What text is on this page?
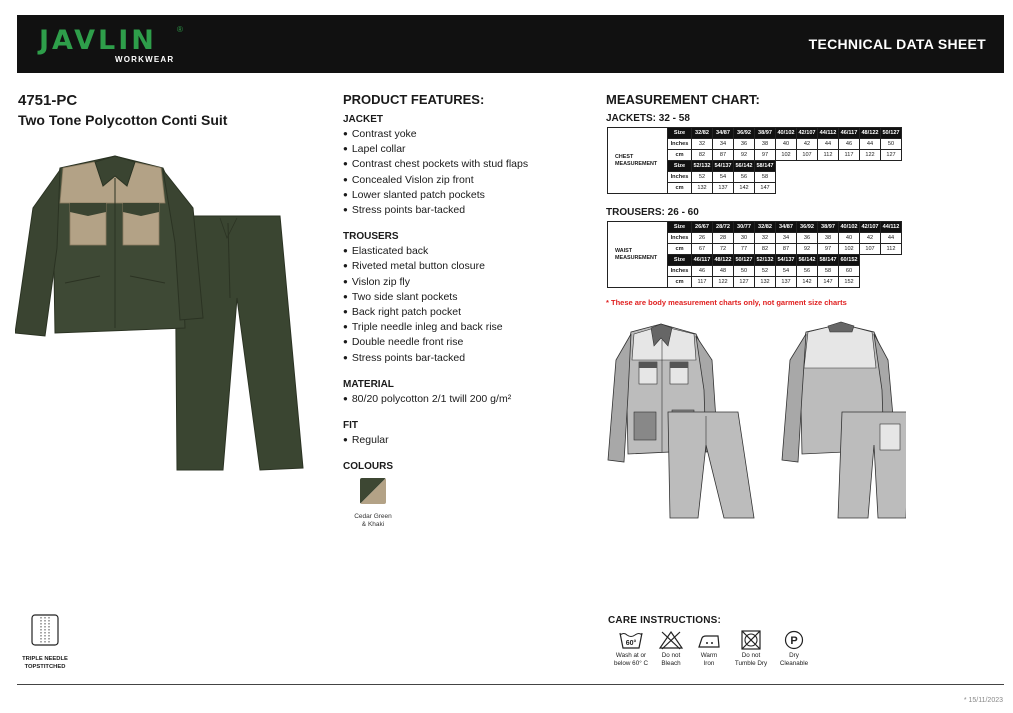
JAVLIN	®
WORKWEAR
TECHNICAL DATA SHEET
4751-PC
Two Tone Polycotton Conti Suit
PRODUCT FEATURES:
JACKET
● Contrast yoke
● Lapel collar
● Contrast chest pockets with stud flaps
● Concealed Vislon zip front
● Lower slanted patch pockets
● Stress points bar-tacked
TROUSERS
● Elasticated back
● Riveted metal button closure
● Vislon zip fly
● Two side slant pockets
● Back right patch pocket
● Triple needle inleg and back rise
● Double needle front rise
● Stress points bar-tacked
MATERIAL
● 80/20 polycotton 2/1 twill 200 g/m²
FIT
● Regular
COLOURS
Cedar Green
& Khaki
MEASUREMENT CHART:
JACKETS: 32 - 58
CHEST
MEASUREMENT	Size	32/82	34/87	36/92	38/97	40/102	42/107	44/112	46/117	48/122	50/127
	Inches	32	34	36	38	40	42	44	46	44	50
	cm	82	87	92	97	102	107	112	117	122	127
	Size	52/132	54/137	56/142	58/147						
	Inches	52	54	56	58						
	cm	132	137	142	147						
TROUSERS: 26 - 60
WAIST
MEASUREMENT	Size	26/67	28/72	30/77	32/82	34/87	36/92	38/97	40/102	42/107	44/112
	Inches	26	28	30	32	34	36	38	40	42	44
	cm	67	72	77	82	87	92	97	102	107	112
	Size	46/117	48/122	50/127	52/132	54/137	56/142	58/147	60/152		
	Inches	46	48	50	52	54	56	58	60		
	cm	117	122	127	132	137	142	147	152		
* These are body measurement charts only, not garment size charts
TRIPLE NEEDLE
TOPSTITCHED
CARE INSTRUCTIONS:
60°
Wash at or
below 60° C
Do not
Bleach
Warm
Iron
Do not
Tumble Dry
P
Dry
Cleanable
* 15/11/2023
